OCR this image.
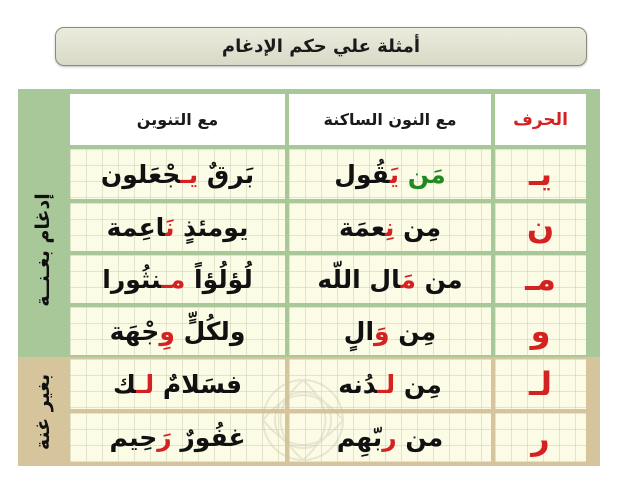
أمثلة علي حكم الإدغام
مع التنوين	مع النون الساكنة	الحرف
إدغام بغـنــة
بغير غنة
بَرقٌ يـجْعَلون	مَن يَقُول	يـ
يومئذٍ نَاعِمة	مِن نِعمَة	ن
لُؤلُؤاً مـنثُورا	من مَال اللّه	مـ
ولكُلٍّ وِجْهَة	مِن وَالٍ	و
فسَلامٌ لـك	مِن لـدُنه	لـ
غفُورٌ رَحِيم	من ربّهِم	ر
